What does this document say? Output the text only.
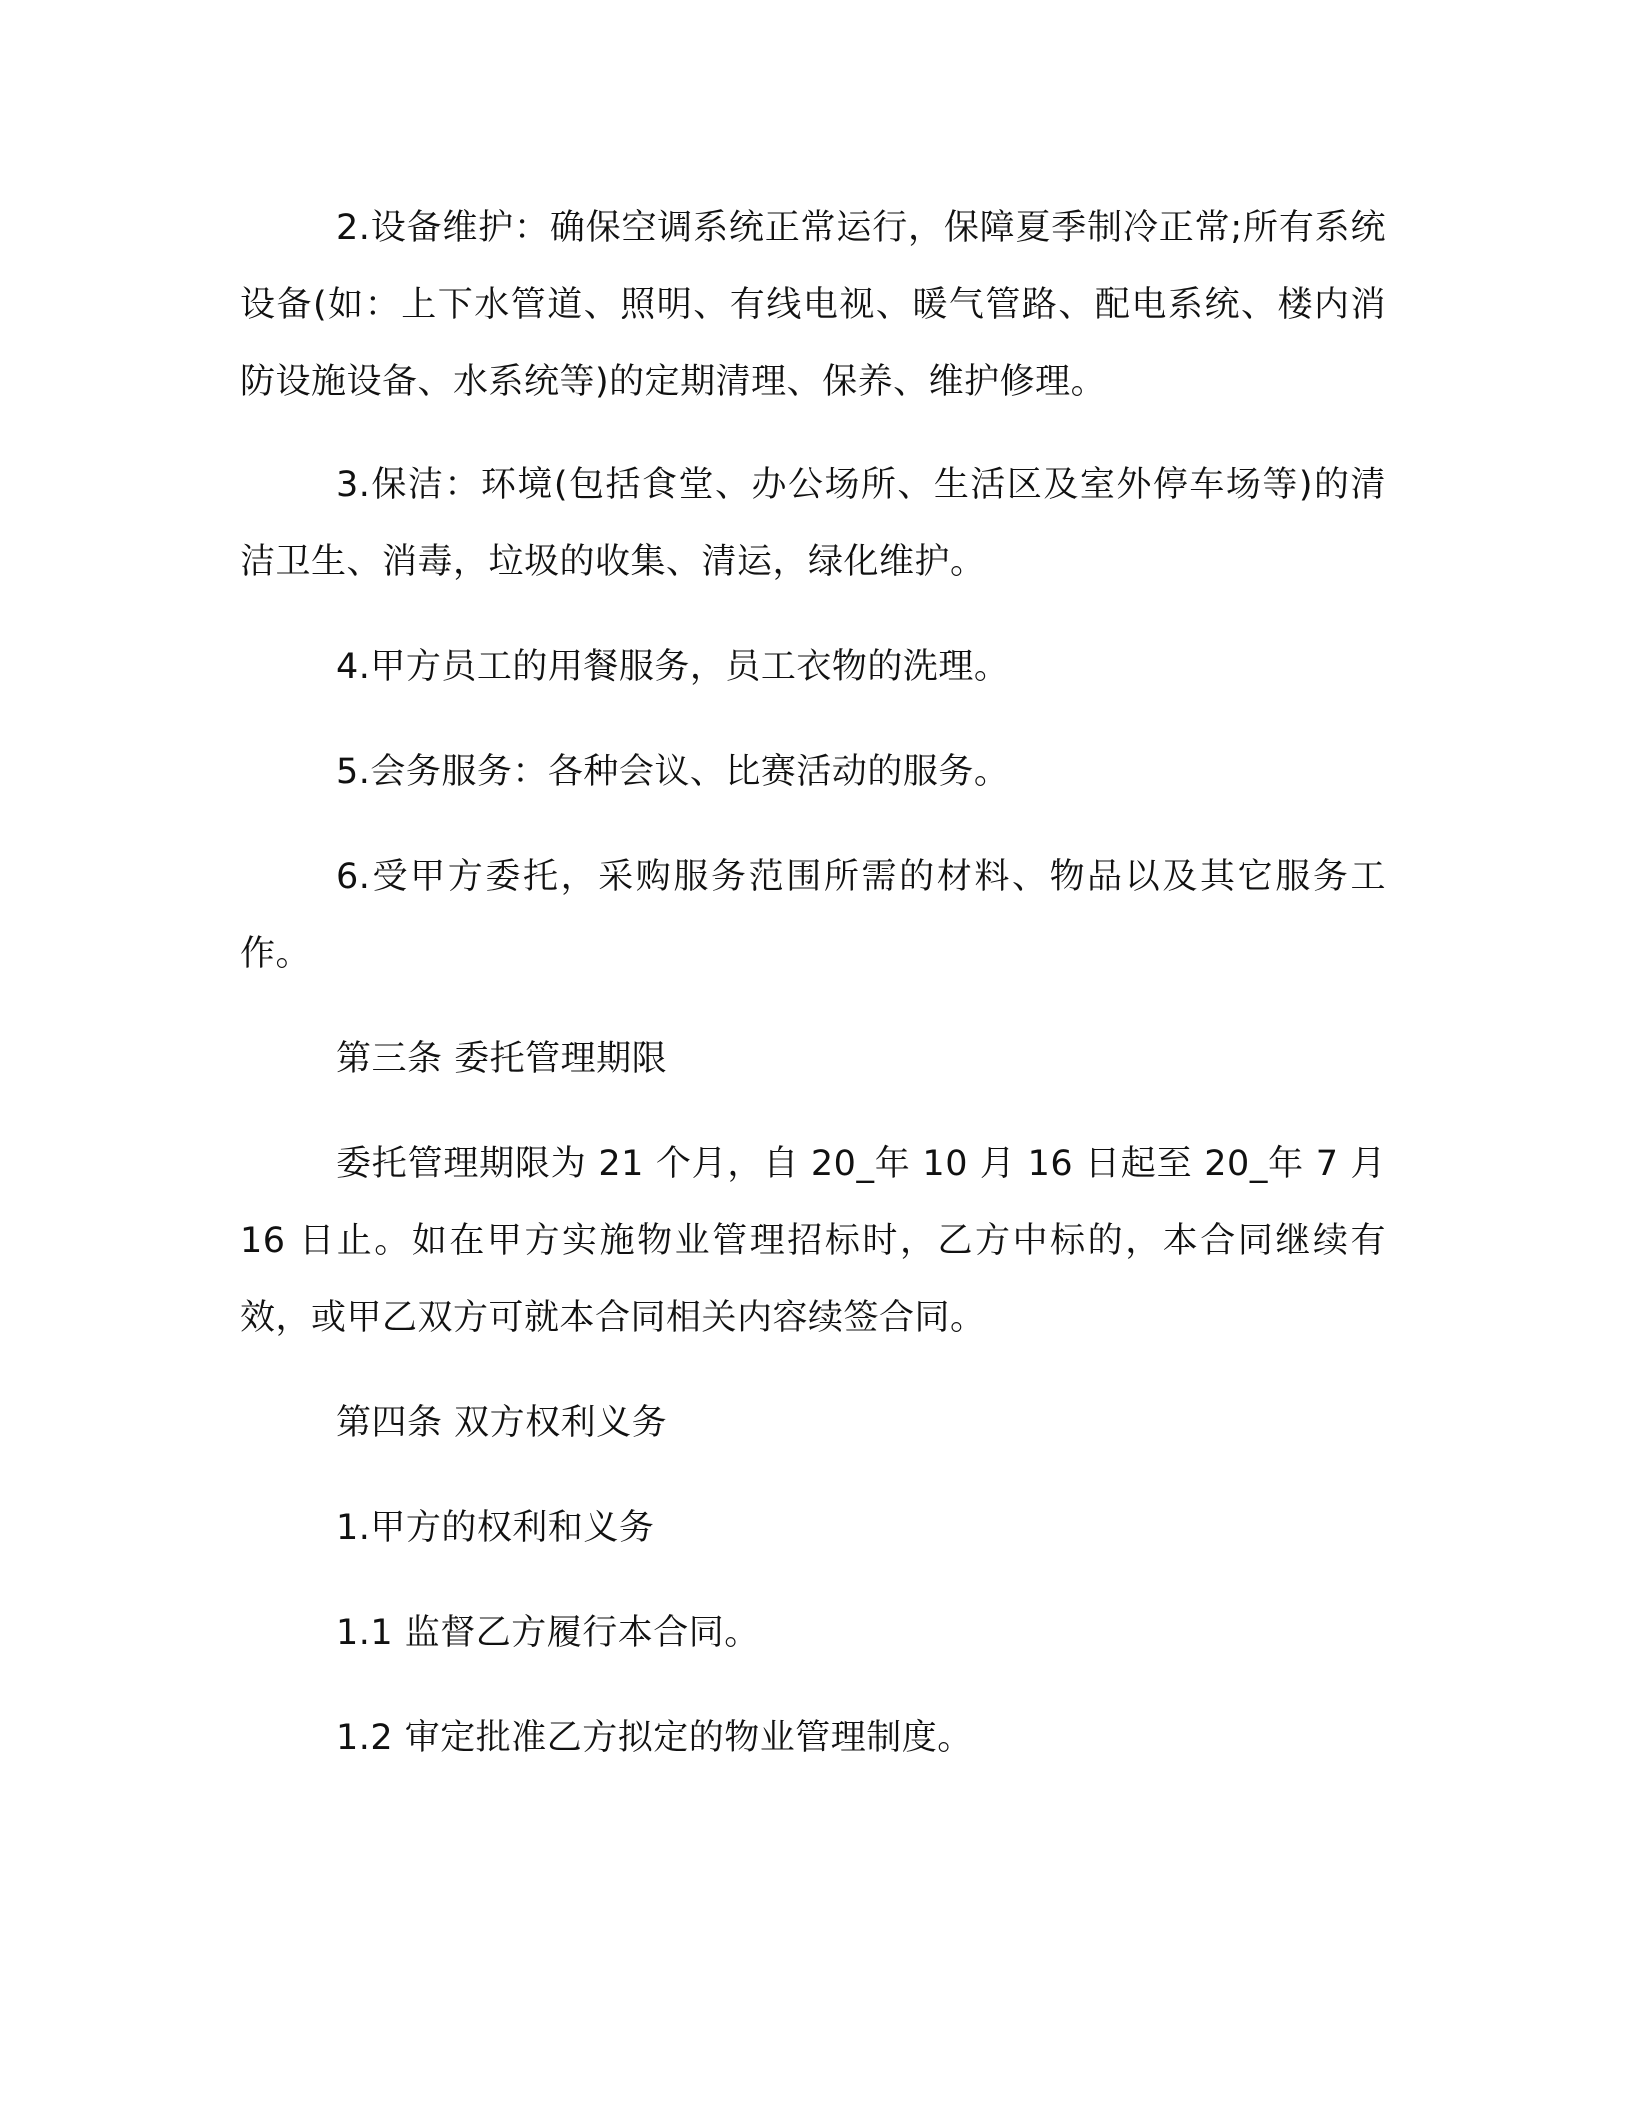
2.设备维护：确保空调系统正常运行，保障夏季制冷正常;所有系统设备(如：上下水管道、照明、有线电视、暖气管路、配电系统、楼内消防设施设备、水系统等)的定期清理、保养、维护修理。

3.保洁：环境(包括食堂、办公场所、生活区及室外停车场等)的清洁卫生、消毒，垃圾的收集、清运，绿化维护。

4.甲方员工的用餐服务，员工衣物的洗理。

5.会务服务：各种会议、比赛活动的服务。

6.受甲方委托，采购服务范围所需的材料、物品以及其它服务工作。

第三条 委托管理期限

委托管理期限为 21 个月，自 20_年 10 月 16 日起至 20_年 7 月 16 日止。如在甲方实施物业管理招标时，乙方中标的，本合同继续有效，或甲乙双方可就本合同相关内容续签合同。

第四条 双方权利义务

1.甲方的权利和义务

1.1 监督乙方履行本合同。

1.2 审定批准乙方拟定的物业管理制度。
